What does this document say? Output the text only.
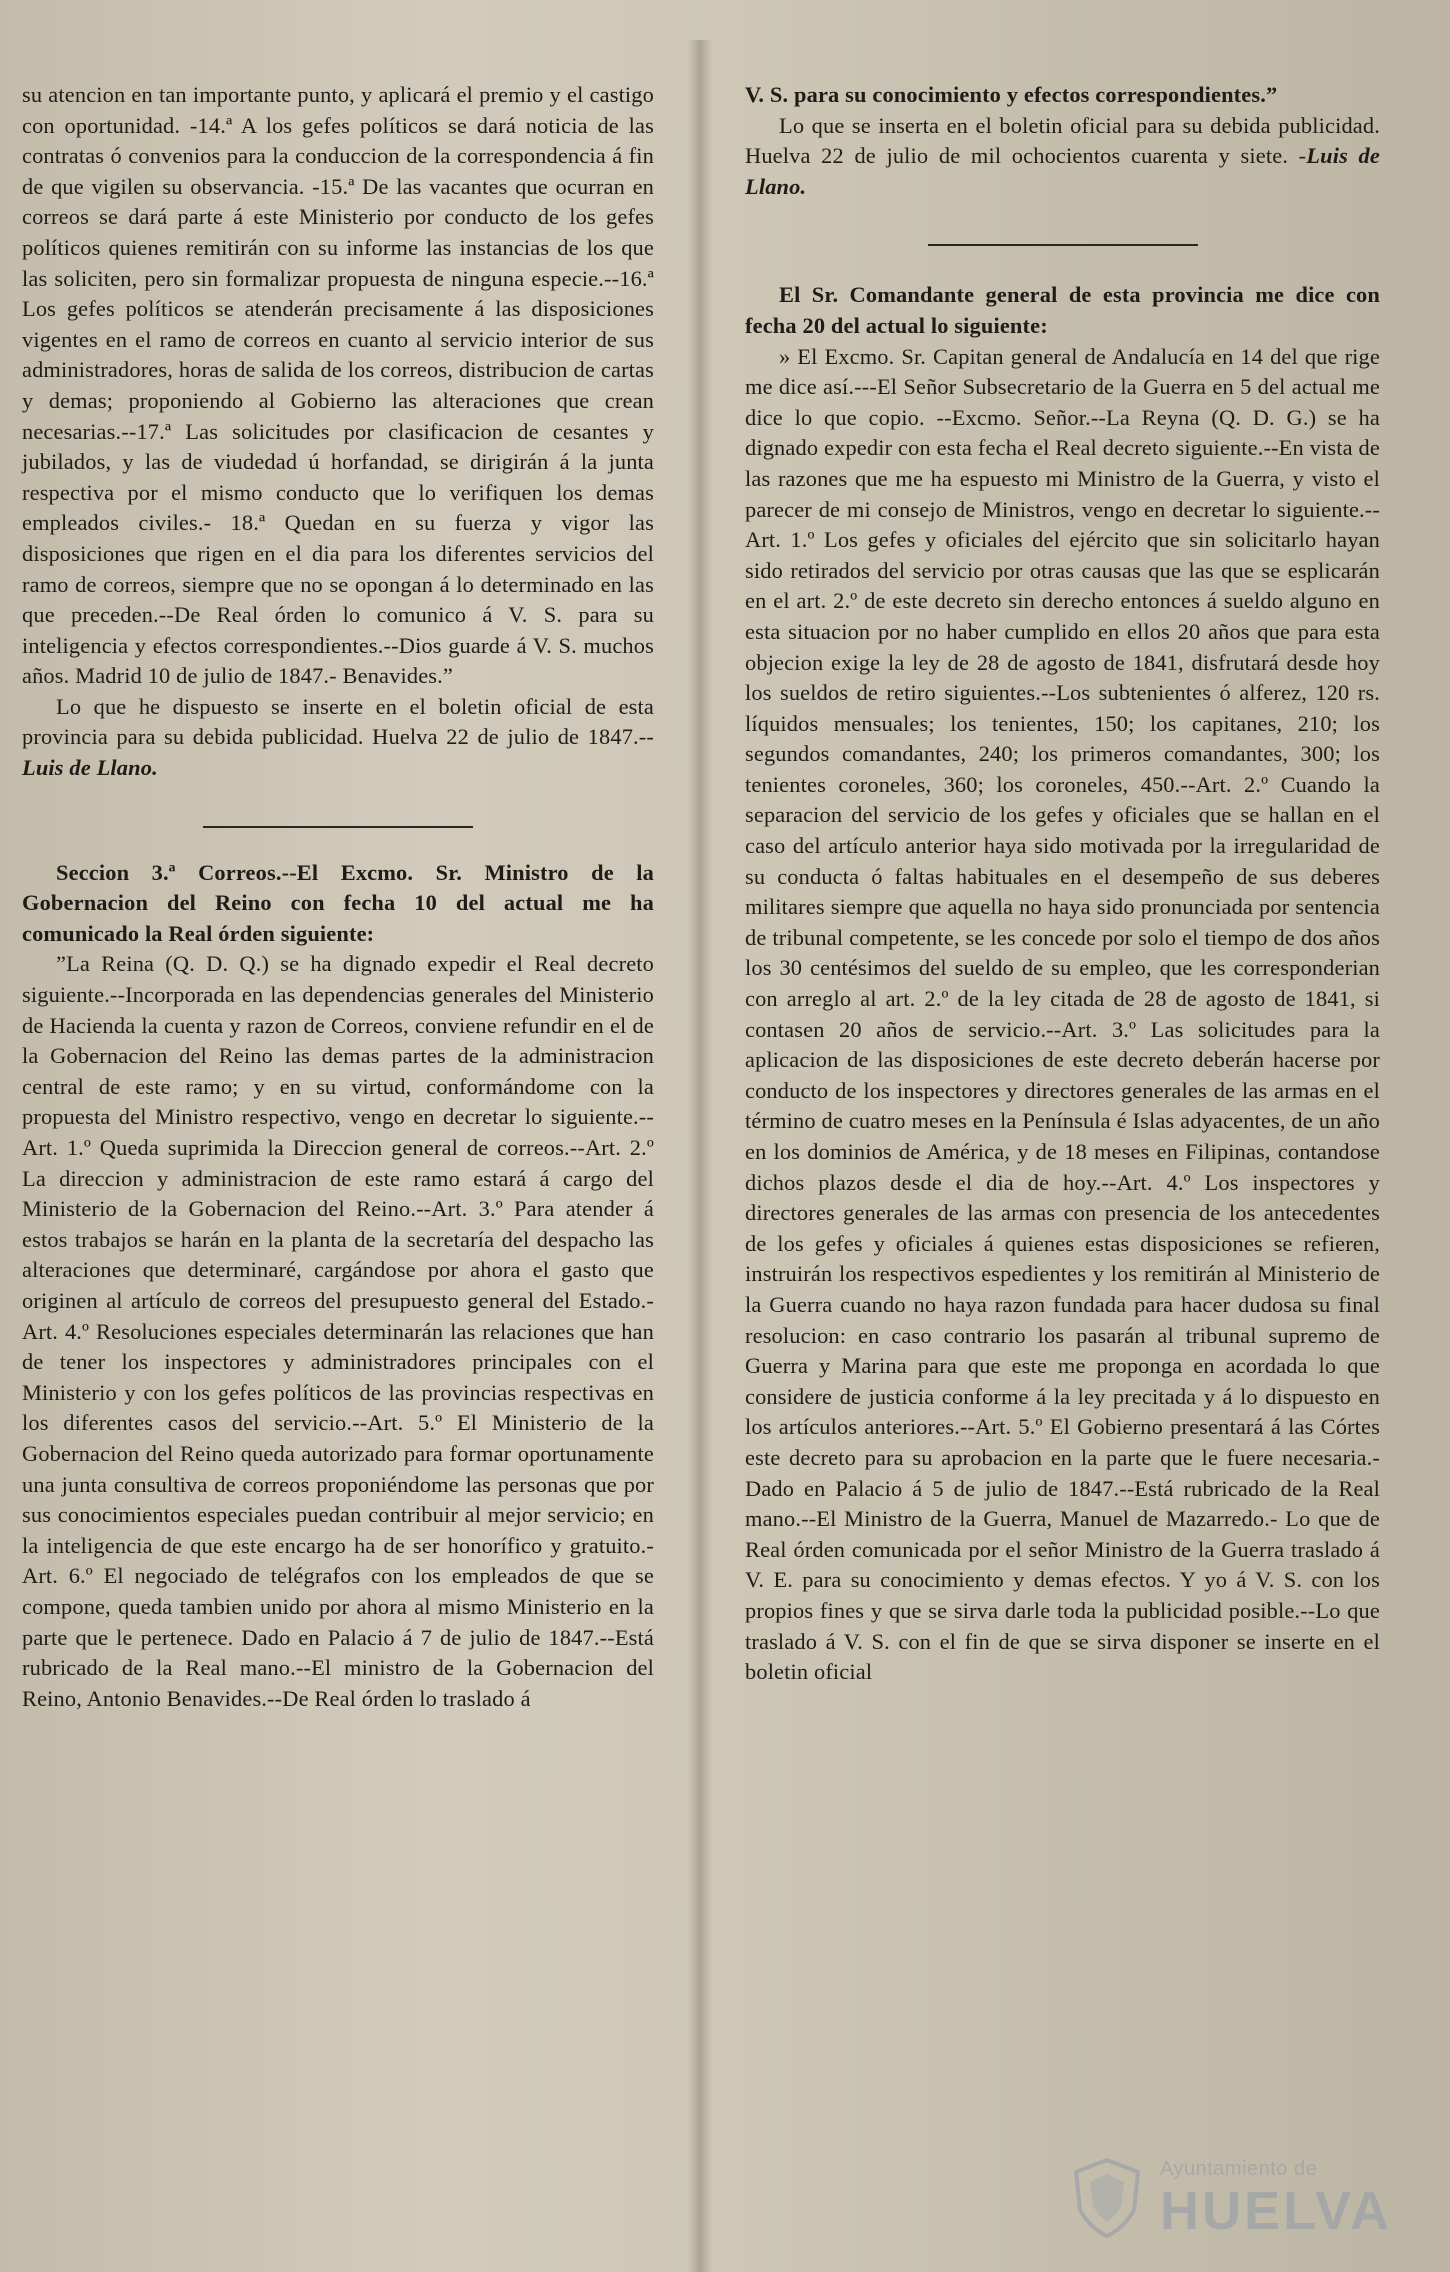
su atencion en tan importante punto, y aplicará el premio y el castigo con oportunidad. -14.ª A los gefes políticos se dará noticia de las contratas ó convenios para la conduccion de la correspondencia á fin de que vigilen su observancia. -15.ª De las vacantes que ocurran en correos se dará parte á este Ministerio por conducto de los gefes políticos quienes remitirán con su informe las instancias de los que las soliciten, pero sin formalizar propuesta de ninguna especie.--16.ª Los gefes políticos se atenderán precisamente á las disposiciones vigentes en el ramo de correos en cuanto al servicio interior de sus administradores, horas de salida de los correos, distribucion de cartas y demas; proponiendo al Gobierno las alteraciones que crean necesarias.--17.ª Las solicitudes por clasificacion de cesantes y jubilados, y las de viudedad ú horfandad, se dirigirán á la junta respectiva por el mismo conducto que lo verifiquen los demas empleados civiles.- 18.ª Quedan en su fuerza y vigor las disposiciones que rigen en el dia para los diferentes servicios del ramo de correos, siempre que no se opongan á lo determinado en las que preceden.--De Real órden lo comunico á V. S. para su inteligencia y efectos correspondientes.--Dios guarde á V. S. muchos años. Madrid 10 de julio de 1847.- Benavides.”

Lo que he dispuesto se inserte en el boletin oficial de esta provincia para su debida publicidad. Huelva 22 de julio de 1847.--Luis de Llano.

Seccion 3.ª Correos.--El Excmo. Sr. Ministro de la Gobernacion del Reino con fecha 10 del actual me ha comunicado la Real órden siguiente:

”La Reina (Q. D. Q.) se ha dignado expedir el Real decreto siguiente.--Incorporada en las dependencias generales del Ministerio de Hacienda la cuenta y razon de Correos, conviene refundir en el de la Gobernacion del Reino las demas partes de la administracion central de este ramo; y en su virtud, conformándome con la propuesta del Ministro respectivo, vengo en decretar lo siguiente.--Art. 1.º Queda suprimida la Direccion general de correos.--Art. 2.º La direccion y administracion de este ramo estará á cargo del Ministerio de la Gobernacion del Reino.--Art. 3.º Para atender á estos trabajos se harán en la planta de la secretaría del despacho las alteraciones que determinaré, cargándose por ahora el gasto que originen al artículo de correos del presupuesto general del Estado.- Art. 4.º Resoluciones especiales determinarán las relaciones que han de tener los inspectores y administradores principales con el Ministerio y con los gefes políticos de las provincias respectivas en los diferentes casos del servicio.--Art. 5.º El Ministerio de la Gobernacion del Reino queda autorizado para formar oportunamente una junta consultiva de correos proponiéndome las personas que por sus conocimientos especiales puedan contribuir al mejor servicio; en la inteligencia de que este encargo ha de ser honorífico y gratuito.- Art. 6.º El negociado de telégrafos con los empleados de que se compone, queda tambien unido por ahora al mismo Ministerio en la parte que le pertenece. Dado en Palacio á 7 de julio de 1847.--Está rubricado de la Real mano.--El ministro de la Gobernacion del Reino, Antonio Benavides.--De Real órden lo traslado á

V. S. para su conocimiento y efectos correspondientes.”

Lo que se inserta en el boletin oficial para su debida publicidad. Huelva 22 de julio de mil ochocientos cuarenta y siete. -Luis de Llano.

El Sr. Comandante general de esta provincia me dice con fecha 20 del actual lo siguiente:

» El Excmo. Sr. Capitan general de Andalucía en 14 del que rige me dice así.---El Señor Subsecretario de la Guerra en 5 del actual me dice lo que copio. --Excmo. Señor.--La Reyna (Q. D. G.) se ha dignado expedir con esta fecha el Real decreto siguiente.--En vista de las razones que me ha espuesto mi Ministro de la Guerra, y visto el parecer de mi consejo de Ministros, vengo en decretar lo siguiente.--Art. 1.º Los gefes y oficiales del ejército que sin solicitarlo hayan sido retirados del servicio por otras causas que las que se esplicarán en el art. 2.º de este decreto sin derecho entonces á sueldo alguno en esta situacion por no haber cumplido en ellos 20 años que para esta objecion exige la ley de 28 de agosto de 1841, disfrutará desde hoy los sueldos de retiro siguientes.--Los subtenientes ó alferez, 120 rs. líquidos mensuales; los tenientes, 150; los capitanes, 210; los segundos comandantes, 240; los primeros comandantes, 300; los tenientes coroneles, 360; los coroneles, 450.--Art. 2.º Cuando la separacion del servicio de los gefes y oficiales que se hallan en el caso del artículo anterior haya sido motivada por la irregularidad de su conducta ó faltas habituales en el desempeño de sus deberes militares siempre que aquella no haya sido pronunciada por sentencia de tribunal competente, se les concede por solo el tiempo de dos años los 30 centésimos del sueldo de su empleo, que les corresponderian con arreglo al art. 2.º de la ley citada de 28 de agosto de 1841, si contasen 20 años de servicio.--Art. 3.º Las solicitudes para la aplicacion de las disposiciones de este decreto deberán hacerse por conducto de los inspectores y directores generales de las armas en el término de cuatro meses en la Península é Islas adyacentes, de un año en los dominios de América, y de 18 meses en Filipinas, contandose dichos plazos desde el dia de hoy.--Art. 4.º Los inspectores y directores generales de las armas con presencia de los antecedentes de los gefes y oficiales á quienes estas disposiciones se refieren, instruirán los respectivos espedientes y los remitirán al Ministerio de la Guerra cuando no haya razon fundada para hacer dudosa su final resolucion: en caso contrario los pasarán al tribunal supremo de Guerra y Marina para que este me proponga en acordada lo que considere de justicia conforme á la ley precitada y á lo dispuesto en los artículos anteriores.--Art. 5.º El Gobierno presentará á las Córtes este decreto para su aprobacion en la parte que le fuere necesaria.- Dado en Palacio á 5 de julio de 1847.--Está rubricado de la Real mano.--El Ministro de la Guerra, Manuel de Mazarredo.- Lo que de Real órden comunicada por el señor Ministro de la Guerra traslado á V. E. para su conocimiento y demas efectos. Y yo á V. S. con los propios fines y que se sirva darle toda la publicidad posible.--Lo que traslado á V. S. con el fin de que se sirva disponer se inserte en el boletin oficial

Ayuntamiento de
HUELVA
